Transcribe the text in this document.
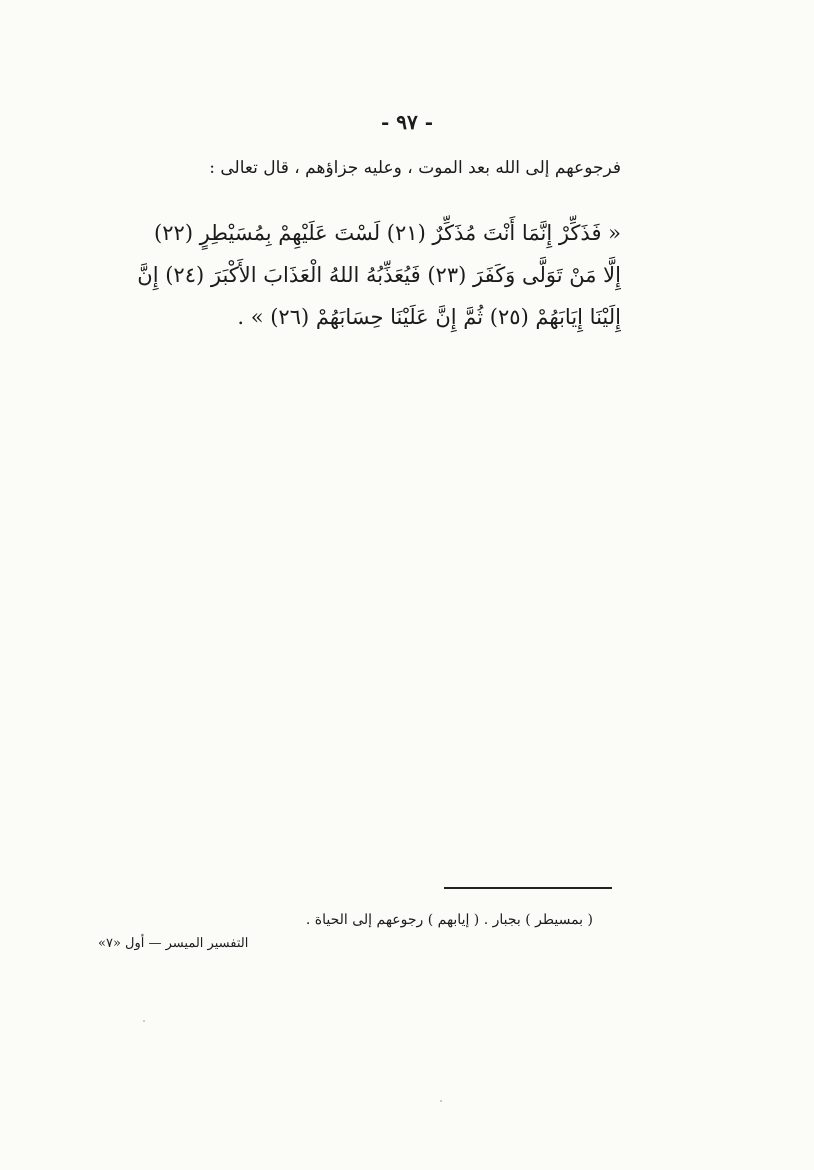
- ٩٧ -
فرجوعهم إلى الله بعد الموت ، وعليه جزاؤهم ، قال تعالى :
« فَذَكِّرْ إِنَّمَا أَنْتَ مُذَكِّرٌ (٢١) لَسْتَ عَلَيْهِمْ بِمُسَيْطِرٍ (٢٢)
إِلَّا مَنْ تَوَلَّى وَكَفَرَ (٢٣) فَيُعَذِّبُهُ اللهُ الْعَذَابَ الأَكْبَرَ (٢٤) إِنَّ
إِلَيْنَا إِيَابَهُمْ (٢٥) ثُمَّ إِنَّ عَلَيْنَا حِسَابَهُمْ (٢٦) » .
( بمسيطر ) بجبار . ( إيابهم ) رجوعهم إلى الحياة .
التفسير الميسر — أول «٧»
